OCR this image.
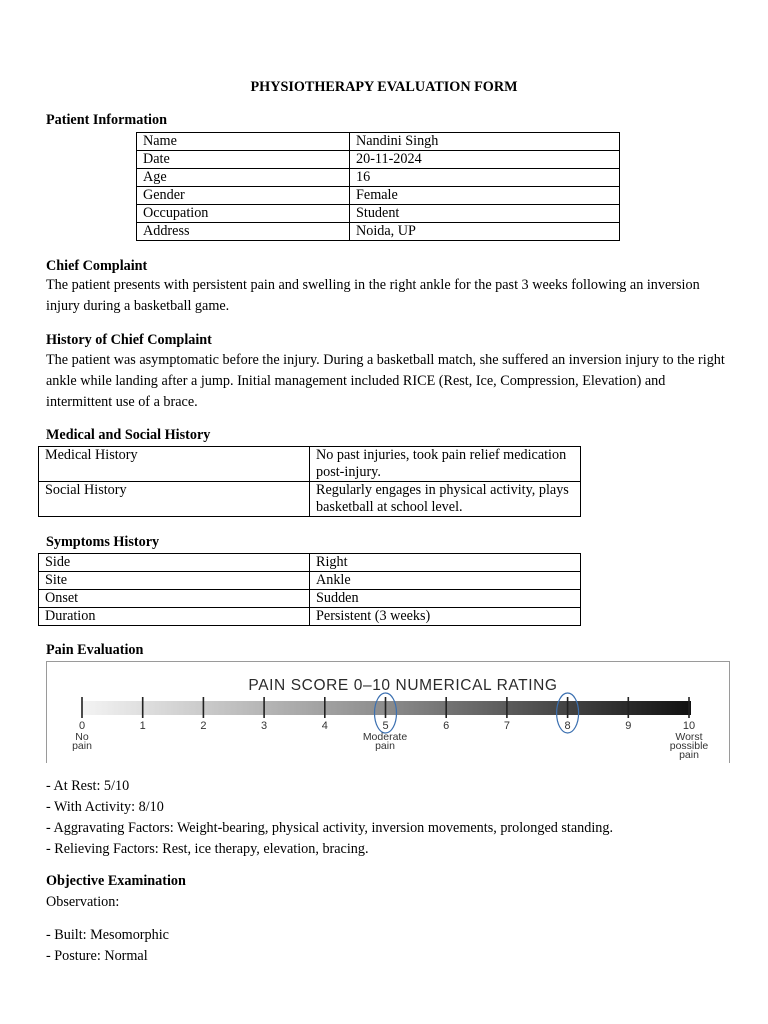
PHYSIOTHERAPY EVALUATION FORM
Patient Information
Name	Nandini Singh
Date	20-11-2024
Age	16
Gender	Female
Occupation	Student
Address	Noida, UP
Chief Complaint
The patient presents with persistent pain and swelling in the right ankle for the past 3 weeks following an inversion injury during a basketball game.
History of Chief Complaint
The patient was asymptomatic before the injury. During a basketball match, she suffered an inversion injury to the right ankle while landing after a jump. Initial management included RICE (Rest, Ice, Compression, Elevation) and intermittent use of a brace.
Medical and Social History
Medical History	No past injuries, took pain relief medication post-injury.
Social History	Regularly engages in physical activity, plays basketball at school level.
Symptoms History
Side	Right
Site	Ankle
Onset	Sudden
Duration	Persistent (3 weeks)
Pain Evaluation
PAIN SCORE 0–10 NUMERICAL RATING
0	1	2	3	4	5	6	7	8	9	10
No
pain
Moderate
pain
Worst
possible
pain
- At Rest: 5/10
- With Activity: 8/10
- Aggravating Factors: Weight-bearing, physical activity, inversion movements, prolonged standing.
- Relieving Factors: Rest, ice therapy, elevation, bracing.
Objective Examination
Observation:
- Built: Mesomorphic
- Posture: Normal
